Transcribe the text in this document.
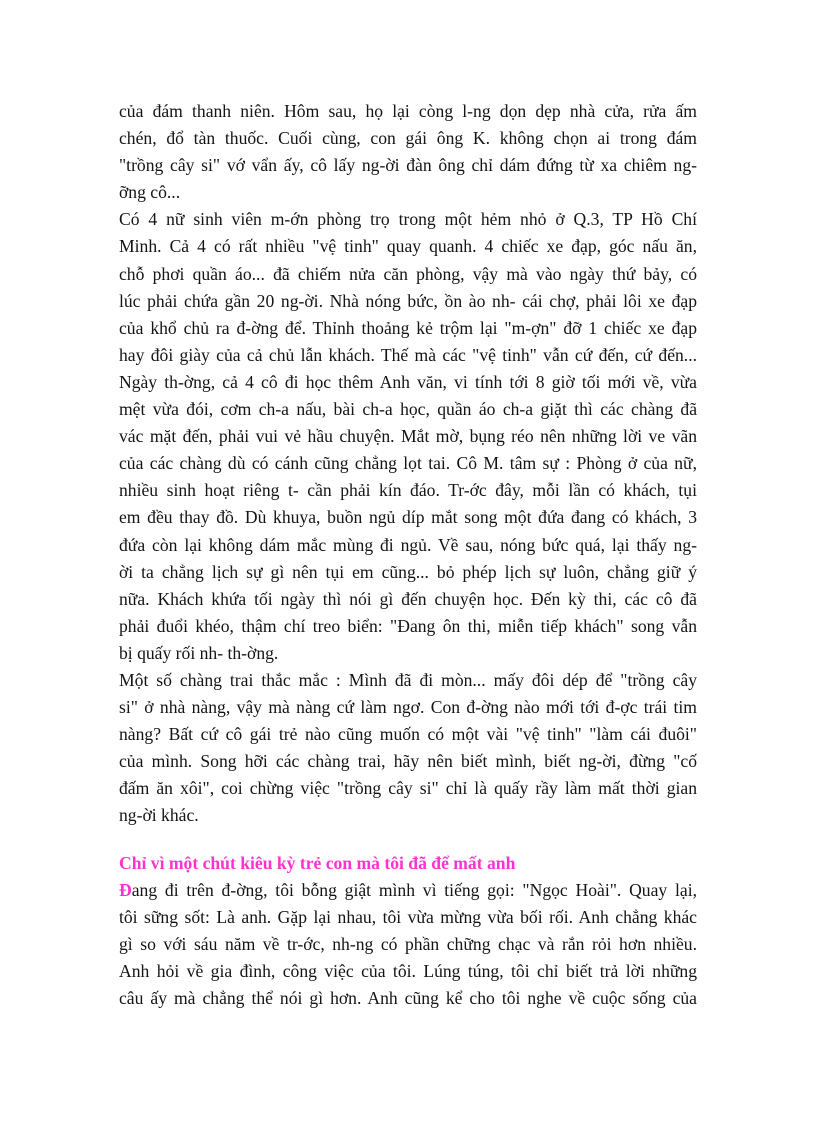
của đám thanh niên. Hôm sau, họ lại còng l-ng dọn dẹp nhà cửa, rửa ấm
chén, đổ tàn thuốc. Cuối cùng, con gái ông K. không chọn ai trong đám
"trồng cây si" vớ vẩn ấy, cô lấy ng-ời đàn ông chỉ dám đứng từ xa chiêm ng-
ỡng cô...
Có 4 nữ sinh viên m-ớn phòng trọ trong một hẻm nhỏ ở Q.3, TP Hồ Chí
Minh. Cả 4 có rất nhiều "vệ tinh" quay quanh. 4 chiếc xe đạp, góc nấu ăn,
chỗ phơi quần áo... đã chiếm nửa căn phòng, vậy mà vào ngày thứ bảy, có
lúc phải chứa gần 20 ng-ời. Nhà nóng bức, ồn ào nh- cái chợ, phải lôi xe đạp
của khổ chủ ra đ-ờng để. Thỉnh thoảng kẻ trộm lại "m-ợn" đỡ 1 chiếc xe đạp
hay đôi giày của cả chủ lẫn khách. Thế mà các "vệ tinh" vẫn cứ đến, cứ đến...
Ngày th-ờng, cả 4 cô đi học thêm Anh văn, vi tính tới 8 giờ tối mới về, vừa
mệt vừa đói, cơm ch-a nấu, bài ch-a học, quần áo ch-a giặt thì các chàng đã
vác mặt đến, phải vui vẻ hầu chuyện. Mắt mờ, bụng réo nên những lời ve vãn
của các chàng dù có cánh cũng chẳng lọt tai. Cô M. tâm sự : Phòng ở của nữ,
nhiều sinh hoạt riêng t- cần phải kín đáo. Tr-ớc đây, mỗi lần có khách, tụi
em đều thay đồ. Dù khuya, buồn ngủ díp mắt song một đứa đang có khách, 3
đứa còn lại không dám mắc mùng đi ngủ. Về sau, nóng bức quá, lại thấy ng-
ời ta chẳng lịch sự gì nên tụi em cũng... bỏ phép lịch sự luôn, chẳng giữ ý
nữa. Khách khứa tối ngày thì nói gì đến chuyện học. Đến kỳ thi, các cô đã
phải đuổi khéo, thậm chí treo biển: "Đang ôn thi, miễn tiếp khách" song vẫn
bị quấy rối nh- th-ờng.
Một số chàng trai thắc mắc : Mình đã đi mòn... mấy đôi dép để "trồng cây
si" ở nhà nàng, vậy mà nàng cứ làm ngơ. Con đ-ờng nào mới tới đ-ợc trái tim
nàng? Bất cứ cô gái trẻ nào cũng muốn có một vài "vệ tinh" "làm cái đuôi"
của mình. Song hỡi các chàng trai, hãy nên biết mình, biết ng-ời, đừng "cố
đấm ăn xôi", coi chừng việc "trồng cây si" chỉ là quấy rầy làm mất thời gian
ng-ời khác.
Chỉ vì một chút kiêu kỳ trẻ con mà tôi đã để mất anh
Đang đi trên đ-ờng, tôi bỗng giật mình vì tiếng gọi: "Ngọc Hoài". Quay lại,
tôi sững sốt: Là anh. Gặp lại nhau, tôi vừa mừng vừa bối rối. Anh chẳng khác
gì so với sáu năm về tr-ớc, nh-ng có phần chững chạc và rắn rỏi hơn nhiều.
Anh hỏi về gia đình, công việc của tôi. Lúng túng, tôi chỉ biết trả lời những
câu ấy mà chẳng thể nói gì hơn. Anh cũng kể cho tôi nghe về cuộc sống của
